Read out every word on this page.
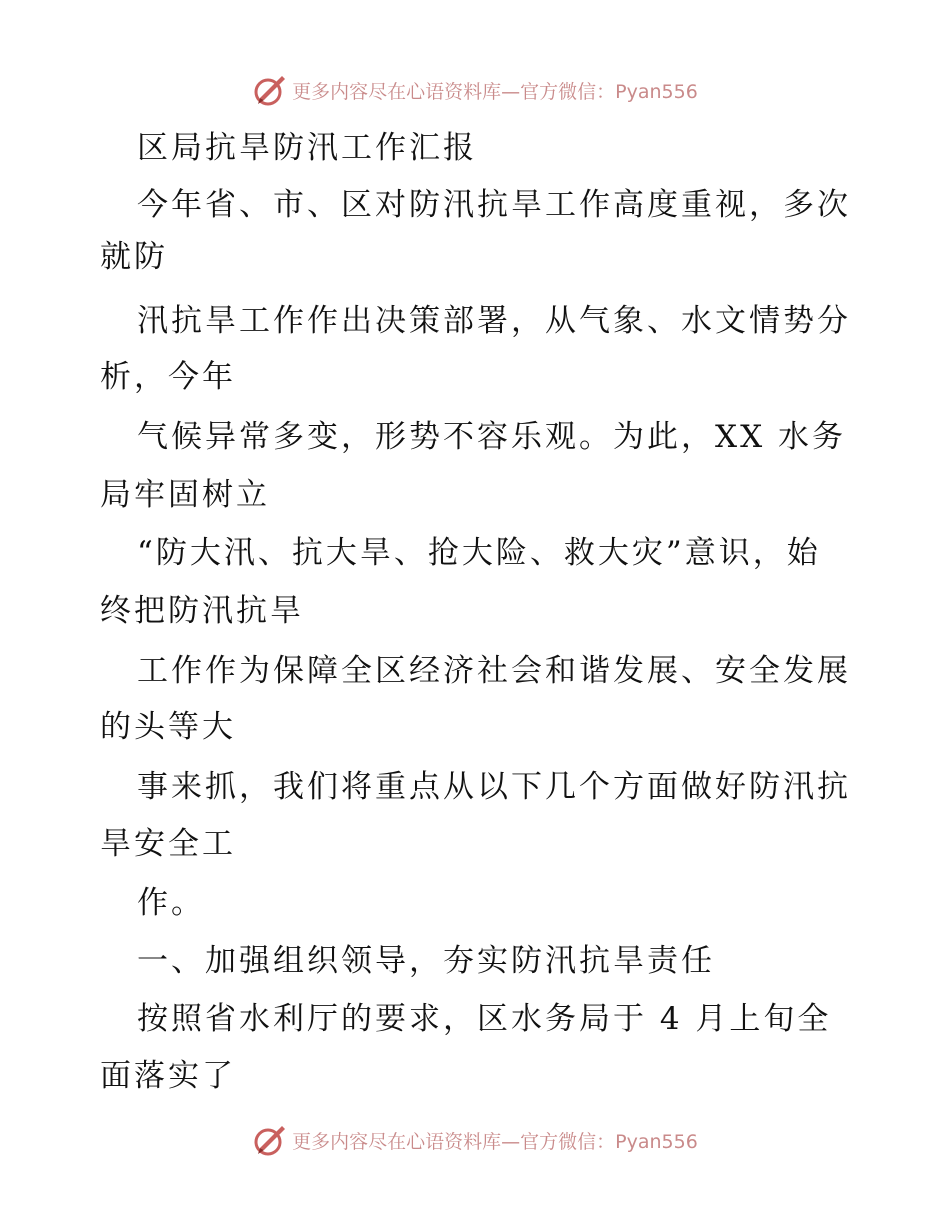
更多内容尽在心语资料库—官方微信：Pyan556
区局抗旱防汛工作汇报
今年省、市、区对防汛抗旱工作高度重视，多次
就防
汛抗旱工作作出决策部署，从气象、水文情势分
析，今年
气候异常多变，形势不容乐观。为此，XX 水务
局牢固树立
“防大汛、抗大旱、抢大险、救大灾”意识，始
终把防汛抗旱
工作作为保障全区经济社会和谐发展、安全发展
的头等大
事来抓，我们将重点从以下几个方面做好防汛抗
旱安全工
作。
一、加强组织领导，夯实防汛抗旱责任
按照省水利厅的要求，区水务局于 4 月上旬全
面落实了
更多内容尽在心语资料库—官方微信：Pyan556
